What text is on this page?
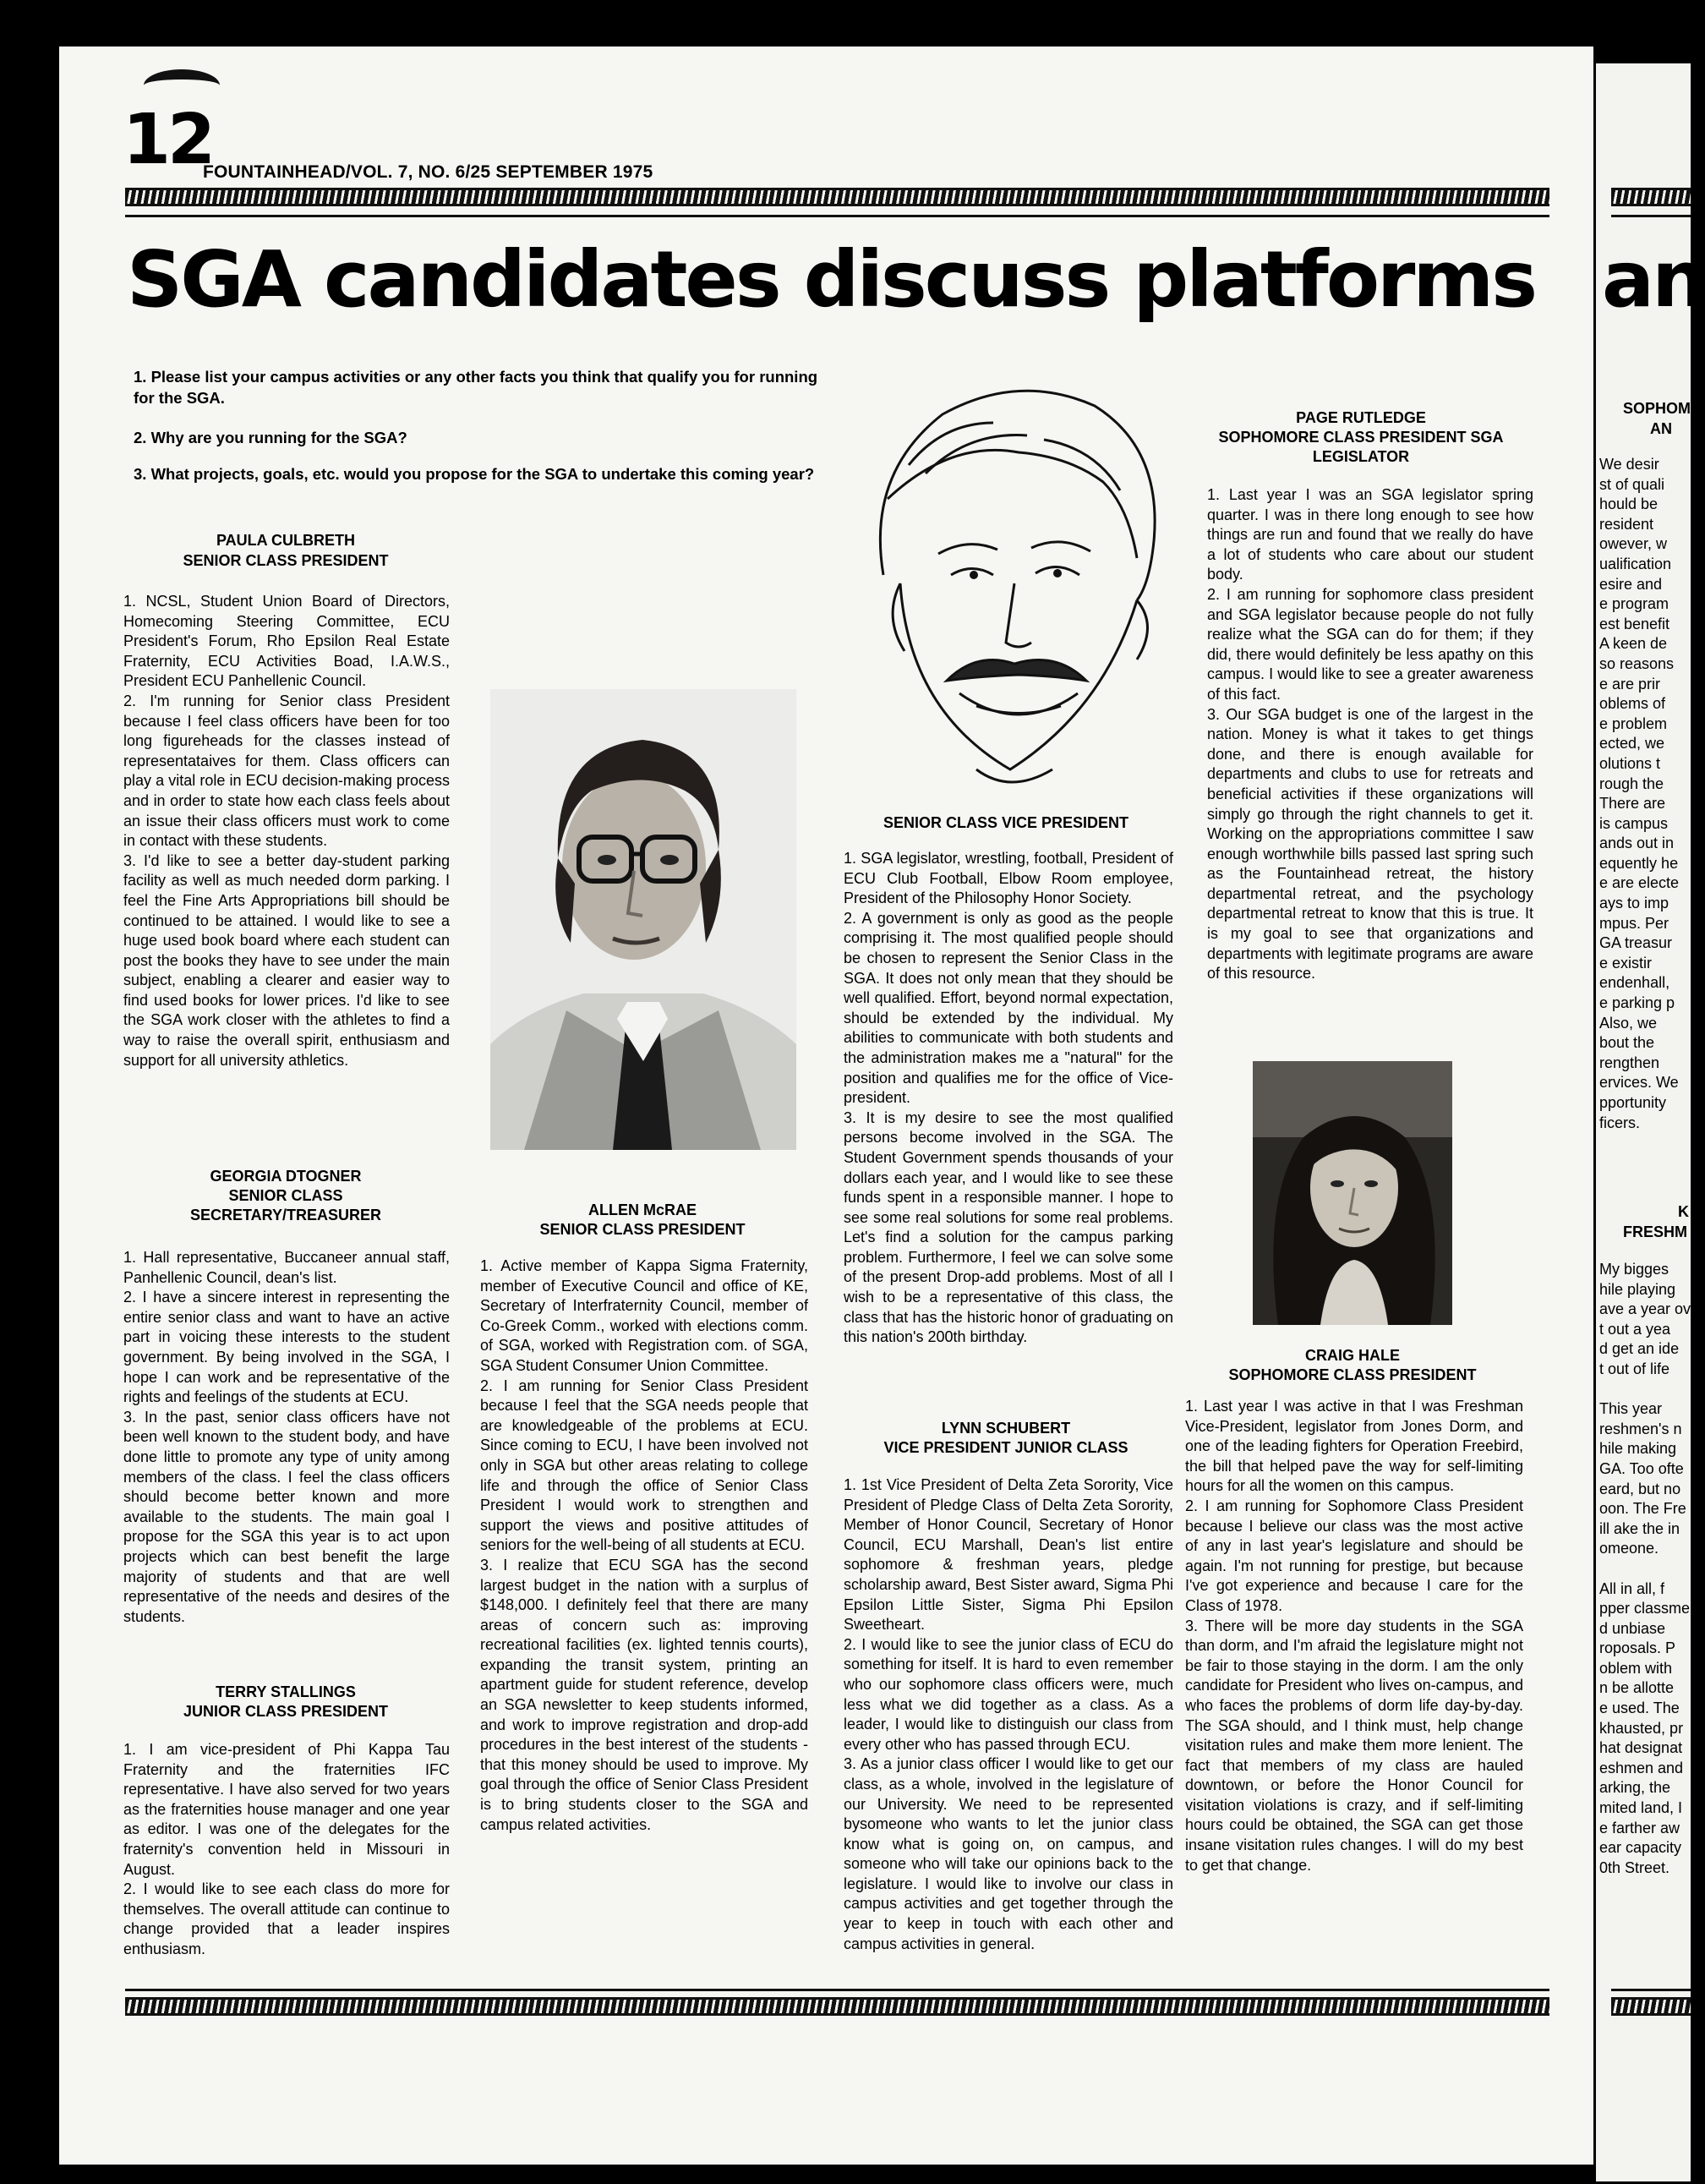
12
FOUNTAINHEAD/VOL. 7, NO. 6/25 SEPTEMBER 1975
SGA candidates discuss platforms an
1. Please list your campus activities or any other facts you think that qualify you for running for the SGA.
2. Why are you running for the SGA?
3. What projects, goals, etc. would you propose for the SGA to undertake this coming year?
PAULA CULBRETH
SENIOR CLASS PRESIDENT

1. NCSL, Student Union Board of Directors, Homecoming Steering Committee, ECU President's Forum, Rho Epsilon Real Estate Fraternity, ECU Activities Boad, I.A.W.S., President ECU Panhellenic Council.

2. I'm running for Senior class President because I feel class officers have been for too long figureheads for the classes instead of representataives for them. Class officers can play a vital role in ECU decision-making process and in order to state how each class feels about an issue their class officers must work to come in contact with these students.

3. I'd like to see a better day-student parking facility as well as much needed dorm parking. I feel the Fine Arts Appropriations bill should be continued to be attained. I would like to see a huge used book board where each student can post the books they have to see under the main subject, enabling a clearer and easier way to find used books for lower prices. I'd like to see the SGA work closer with the athletes to find a way to raise the overall spirit, enthusiasm and support for all university athletics.

GEORGIA DTOGNER
SENIOR CLASS SECRETARY/TREASURER

1. Hall representative, Buccaneer annual staff, Panhellenic Council, dean's list.

2. I have a sincere interest in representing the entire senior class and want to have an active part in voicing these interests to the student government. By being involved in the SGA, I hope I can work and be representative of the rights and feelings of the students at ECU.

3. In the past, senior class officers have not been well known to the student body, and have done little to promote any type of unity among members of the class. I feel the class officers should become better known and more available to the students. The main goal I propose for the SGA this year is to act upon projects which can best benefit the large majority of students and that are well representative of the needs and desires of the students.

TERRY STALLINGS
JUNIOR CLASS PRESIDENT

1. I am vice-president of Phi Kappa Tau Fraternity and the fraternities IFC representative. I have also served for two years as the fraternities house manager and one year as editor. I was one of the delegates for the fraternity's convention held in Missouri in August.

2. I would like to see each class do more for themselves. The overall attitude can continue to change provided that a leader inspires enthusiasm.

ALLEN McRAE
SENIOR CLASS PRESIDENT

1. Active member of Kappa Sigma Fraternity, member of Executive Council and office of KE, Secretary of Interfraternity Council, member of Co-Greek Comm., worked with elections comm. of SGA, worked with Registration com. of SGA, SGA Student Consumer Union Committee.

2. I am running for Senior Class President because I feel that the SGA needs people that are knowledgeable of the problems at ECU. Since coming to ECU, I have been involved not only in SGA but other areas relating to college life and through the office of Senior Class President I would work to strengthen and support the views and positive attitudes of seniors for the well-being of all students at ECU.

3. I realize that ECU SGA has the second largest budget in the nation with a surplus of $148,000. I definitely feel that there are many areas of concern such as: improving recreational facilities (ex. lighted tennis courts), expanding the transit system, printing an apartment guide for student reference, develop an SGA newsletter to keep students informed, and work to improve registration and drop-add procedures in the best interest of the students - that this money should be used to improve. My goal through the office of Senior Class President is to bring students closer to the SGA and campus related activities.

SENIOR CLASS VICE PRESIDENT

1. SGA legislator, wrestling, football, President of ECU Club Football, Elbow Room employee, President of the Philosophy Honor Society.

2. A government is only as good as the people comprising it. The most qualified people should be chosen to represent the Senior Class in the SGA. It does not only mean that they should be well qualified. Effort, beyond normal expectation, should be extended by the individual. My abilities to communicate with both students and the administration makes me a "natural" for the position and qualifies me for the office of Vice-president.

3. It is my desire to see the most qualified persons become involved in the SGA. The Student Government spends thousands of your dollars each year, and I would like to see these funds spent in a responsible manner. I hope to see some real solutions for some real problems. Let's find a solution for the campus parking problem. Furthermore, I feel we can solve some of the present Drop-add problems. Most of all I wish to be a representative of this class, the class that has the historic honor of graduating on this nation's 200th birthday.

LYNN SCHUBERT
VICE PRESIDENT JUNIOR CLASS

1. 1st Vice President of Delta Zeta Sorority, Vice President of Pledge Class of Delta Zeta Sorority, Member of Honor Council, Secretary of Honor Council, ECU Marshall, Dean's list entire sophomore & freshman years, pledge scholarship award, Best Sister award, Sigma Phi Epsilon Little Sister, Sigma Phi Epsilon Sweetheart.

2. I would like to see the junior class of ECU do something for itself. It is hard to even remember who our sophomore class officers were, much less what we did together as a class. As a leader, I would like to distinguish our class from every other who has passed through ECU.

3. As a junior class officer I would like to get our class, as a whole, involved in the legislature of our University. We need to be represented bysomeone who wants to let the junior class know what is going on, on campus, and someone who will take our opinions back to the legislature. I would like to involve our class in campus activities and get together through the year to keep in touch with each other and campus activities in general.

PAGE RUTLEDGE
SOPHOMORE CLASS PRESIDENT SGA LEGISLATOR

1. Last year I was an SGA legislator spring quarter. I was in there long enough to see how things are run and found that we really do have a lot of students who care about our student body.

2. I am running for sophomore class president and SGA legislator because people do not fully realize what the SGA can do for them; if they did, there would definitely be less apathy on this campus. I would like to see a greater awareness of this fact.

3. Our SGA budget is one of the largest in the nation. Money is what it takes to get things done, and there is enough available for departments and clubs to use for retreats and beneficial activities if these organizations will simply go through the right channels to get it. Working on the appropriations committee I saw enough worthwhile bills passed last spring such as the Fountainhead retreat, the history departmental retreat, and the psychology departmental retreat to know that this is true. It is my goal to see that organizations and departments with legitimate programs are aware of this resource.

CRAIG HALE
SOPHOMORE CLASS PRESIDENT

1. Last year I was active in that I was Freshman Vice-President, legislator from Jones Dorm, and one of the leading fighters for Operation Freebird, the bill that helped pave the way for self-limiting hours for all the women on this campus.

2. I am running for Sophomore Class President because I believe our class was the most active of any in last year's legislature and should be again. I'm not running for prestige, but because I've got experience and because I care for the Class of 1978.

3. There will be more day students in the SGA than dorm, and I'm afraid the legislature might not be fair to those staying in the dorm. I am the only candidate for President who lives on-campus, and who faces the problems of dorm life day-by-day. The SGA should, and I think must, help change visitation rules and make them more lenient. The fact that members of my class are hauled downtown, or before the Honor Council for visitation violations is crazy, and if self-limiting hours could be obtained, the SGA can get those insane visitation rules changes. I will do my best to get that change.

SOPHOM
AN

We desir

st of quali

hould be

resident

owever, w

ualification

esire and

e program

est benefit

A keen de

so reasons

e are prir

oblems of

e problem

ected, we

olutions t

rough the

There are

is campus

ands out in

equently he

e are electe

ays to imp

mpus. Per

GA treasur

e existir

endenhall,

e parking p

Also, we

bout the

rengthen

ervices. We

pportunity

ficers.

K
FRESHM

My bigges

hile playing

ave a year ov

t out a yea

d get an ide

t out of life

This year

reshmen's n

hile making

GA. Too ofte

eard, but no

oon. The Fre

ill ake the in

omeone.

All in all, f

pper classme

d unbiase

roposals. P

oblem with

n be allotte

e used. The

khausted, pr

hat designat

eshmen and

arking, the

mited land, I

e farther aw

ear capacity

0th Street.
